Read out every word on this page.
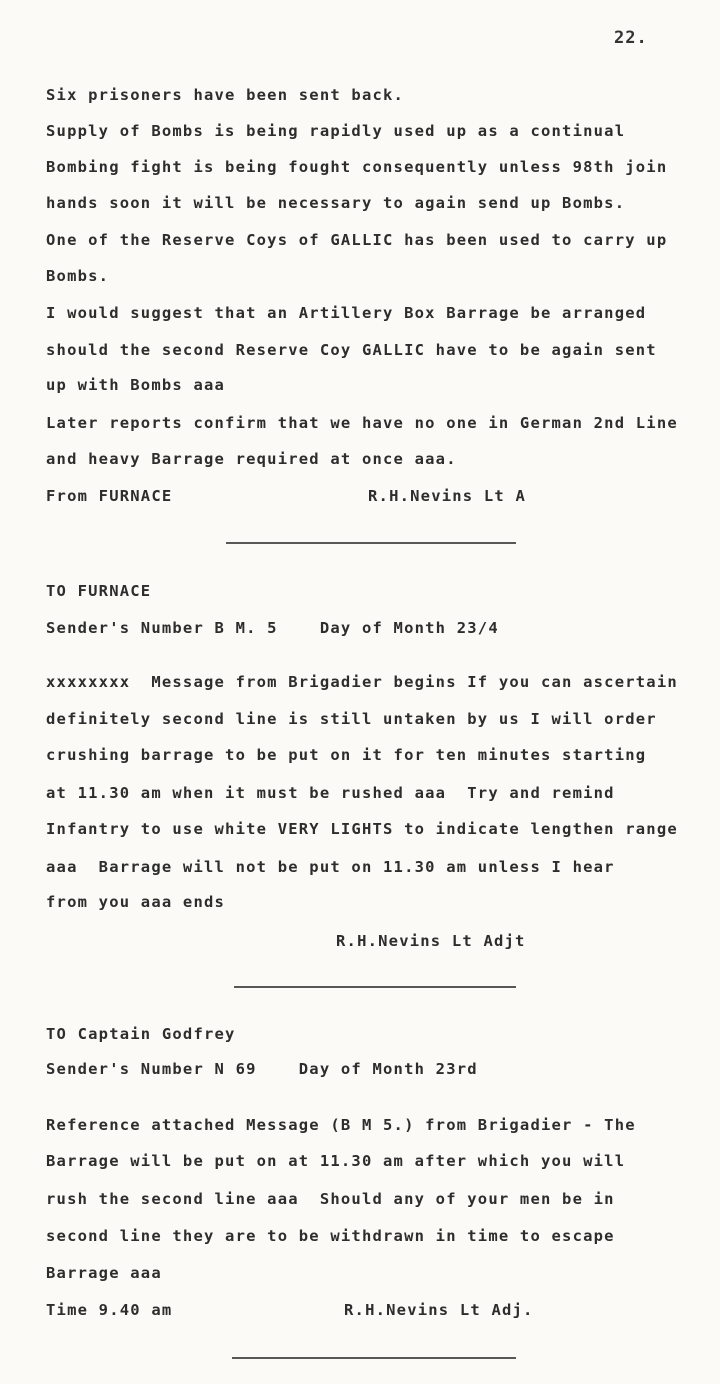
22.
Six prisoners have been sent back.
Supply of Bombs is being rapidly used up as a continual
Bombing fight is being fought consequently unless 98th join
hands soon it will be necessary to again send up Bombs.
One of the Reserve Coys of GALLIC has been used to carry up
Bombs.
I would suggest that an Artillery Box Barrage be arranged
should the second Reserve Coy GALLIC have to be again sent
up with Bombs aaa
Later reports confirm that we have no one in German 2nd Line
and heavy Barrage required at once aaa.
From FURNACE	R.H.Nevins Lt A
TO FURNACE
Sender's Number B M. 5    Day of Month 23/4
xxxxxxxx  Message from Brigadier begins If you can ascertain
definitely second line is still untaken by us I will order
crushing barrage to be put on it for ten minutes starting
at 11.30 am when it must be rushed aaa  Try and remind
Infantry to use white VERY LIGHTS to indicate lengthen range
aaa  Barrage will not be put on 11.30 am unless I hear
from you aaa ends
R.H.Nevins Lt Adjt
TO Captain Godfrey
Sender's Number N 69    Day of Month 23rd
Reference attached Message (B M 5.) from Brigadier - The
Barrage will be put on at 11.30 am after which you will
rush the second line aaa  Should any of your men be in
second line they are to be withdrawn in time to escape
Barrage aaa
Time 9.40 am	R.H.Nevins Lt Adj.
